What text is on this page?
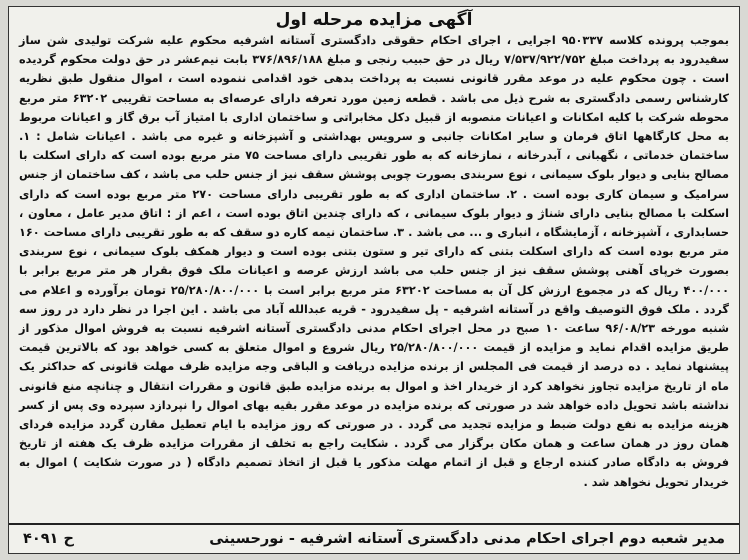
آگهی مزایده مرحله اول
بموجب پرونده کلاسه ۹۵۰۳۳۷ اجرایی ، اجرای احکام حقوقی دادگستری آستانه اشرفیه محکوم علیه شرکت تولیدی شن ساز سفیدرود به پرداخت مبلغ ۷/۵۳۷/۹۲۲/۷۵۲ ریال در حق حبیب رنجی و مبلغ ۳۷۶/۸۹۶/۱۸۸ بابت نیم‌عشر در حق دولت محکوم گردیده است . چون محکوم علیه در موعد مقرر قانونی نسبت به پرداخت بدهی خود اقدامی ننموده است ، اموال منقول طبق نظریه کارشناس رسمی دادگستری به شرح ذیل می باشد . قطعه زمین مورد تعرفه دارای عرصه‌ای به مساحت تقریبی ۶۳۲۰۲ متر مربع محوطه شرکت با کلیه امکانات و اعیانات منصوبه از قبیل دکل مخابراتی و ساختمان اداری با امتیاز آب برق گاز و اعیانات مربوط به محل کارگاهها اتاق فرمان و سایر امکانات جانبی و سرویس بهداشتی و آشپزخانه و غیره می باشد . اعیانات شامل : ۱. ساختمان خدماتی ، نگهبانی ، آبدرخانه ، نمازخانه که به طور تقریبی دارای مساحت ۷۵ متر مربع بوده است که دارای اسکلت با مصالح بنایی و دیوار بلوک سیمانی ، نوع سربندی بصورت چوبی پوشش سقف نیز از جنس حلب می باشد ، کف ساختمان از جنس سرامیک و سیمان کاری بوده است . ۲. ساختمان اداری که به طور تقریبی دارای مساحت ۲۷۰ متر مربع بوده است که دارای اسکلت با مصالح بنایی دارای شناژ و دیوار بلوک سیمانی ، که دارای چندین اتاق بوده است ، اعم از : اتاق مدیر عامل ، معاون ، حسابداری ، آشپزخانه ، آزمایشگاه ، انباری و ... می باشد . ۳. ساختمان نیمه کاره دو سقف که به طور تقریبی دارای مساحت ۱۶۰ متر مربع بوده است که دارای اسکلت بتنی که دارای تیر و ستون بتنی بوده است و دیوار همکف بلوک سیمانی ، نوع سربندی بصورت خرپای آهنی پوشش سقف نیز از جنس حلب می باشد ارزش عرصه و اعیانات ملک فوق بقرار هر متر مربع برابر با ۴۰۰/۰۰۰ ریال که در مجموع ارزش کل آن به مساحت ۶۳۲۰۲ متر مربع برابر است با ۲۵/۲۸۰/۸۰۰/۰۰۰ تومان برآورده و اعلام می گردد . ملک فوق التوصیف واقع در آستانه اشرفیه - پل سفیدرود - قریه عبدالله آباد می باشد . این اجرا در نظر دارد در روز سه شنبه مورخه ۹۶/۰۸/۲۳ ساعت ۱۰ صبح در محل اجرای احکام مدنی دادگستری آستانه اشرفیه نسبت به فروش اموال مذکور از طریق مزایده اقدام نماید و مزایده از قیمت ۲۵/۲۸۰/۸۰۰/۰۰۰ ریال شروع و اموال متعلق به کسی خواهد بود که بالاترین قیمت پیشنهاد نماید . ده درصد از قیمت فی المجلس از برنده مزایده دریافت و الباقی وجه مزایده ظرف مهلت قانونی که حداکثر یک ماه از تاریخ مزایده تجاوز نخواهد کرد از خریدار اخذ و اموال به برنده مزایده طبق قانون و مقررات انتقال و چنانچه منع قانونی نداشته باشد تحویل داده خواهد شد در صورتی که برنده مزایده در موعد مقرر بقیه بهای اموال را نپردازد سپرده وی پس از کسر هزینه مزایده به نفع دولت ضبط و مزایده تجدید می گردد . در صورتی که روز مزایده با ایام تعطیل مقارن گردد مزایده فردای همان روز در همان ساعت و همان مکان برگزار می گردد . شکایت راجع به تخلف از مقررات مزایده ظرف یک هفته از تاریخ فروش به دادگاه صادر کننده ارجاع و قبل از اتمام مهلت مذکور یا قبل از اتخاذ تصمیم دادگاه ( در صورت شکایت ) اموال به خریدار تحویل نخواهد شد .
مدیر شعبه دوم اجرای احکام مدنی دادگستری آستانه اشرفیه - نورحسینی
ح ۴۰۹۱
